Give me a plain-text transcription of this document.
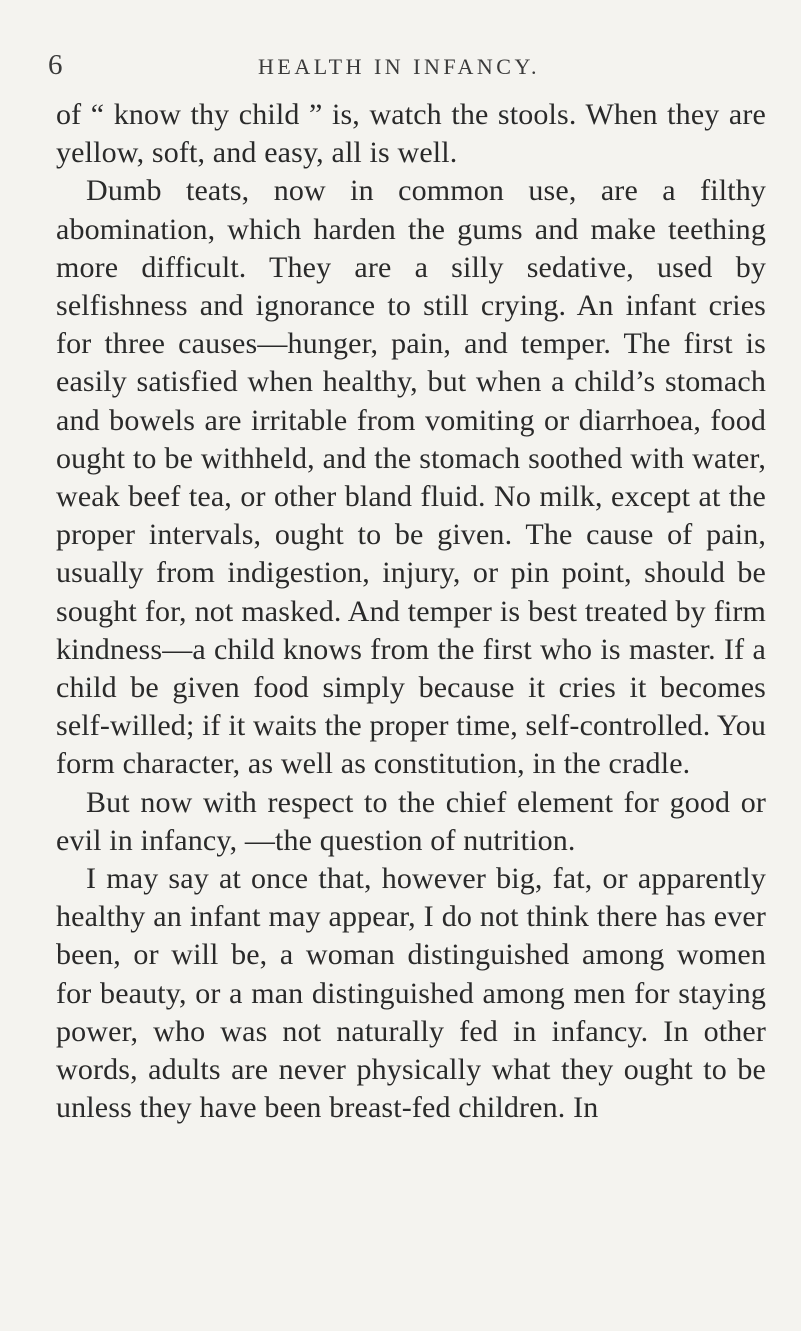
6	HEALTH IN INFANCY.

of “ know thy child ” is, watch the stools. When they are yellow, soft, and easy, all is well.

Dumb teats, now in common use, are a filthy abomination, which harden the gums and make teething more difficult. They are a silly sedative, used by selfishness and ignorance to still crying. An infant cries for three causes—hunger, pain, and temper. The first is easily satisfied when healthy, but when a child’s stomach and bowels are irritable from vomiting or diarrhoea, food ought to be withheld, and the stomach soothed with water, weak beef tea, or other bland fluid. No milk, except at the proper intervals, ought to be given. The cause of pain, usually from indigestion, injury, or pin point, should be sought for, not masked. And temper is best treated by firm kindness—a child knows from the first who is master. If a child be given food simply because it cries it becomes self-willed; if it waits the proper time, self-controlled. You form character, as well as constitution, in the cradle.

But now with respect to the chief element for good or evil in infancy, —the question of nutrition.

I may say at once that, however big, fat, or apparently healthy an infant may appear, I do not think there has ever been, or will be, a woman distinguished among women for beauty, or a man distinguished among men for staying power, who was not naturally fed in infancy. In other words, adults are never physically what they ought to be unless they have been breast-fed children. In
